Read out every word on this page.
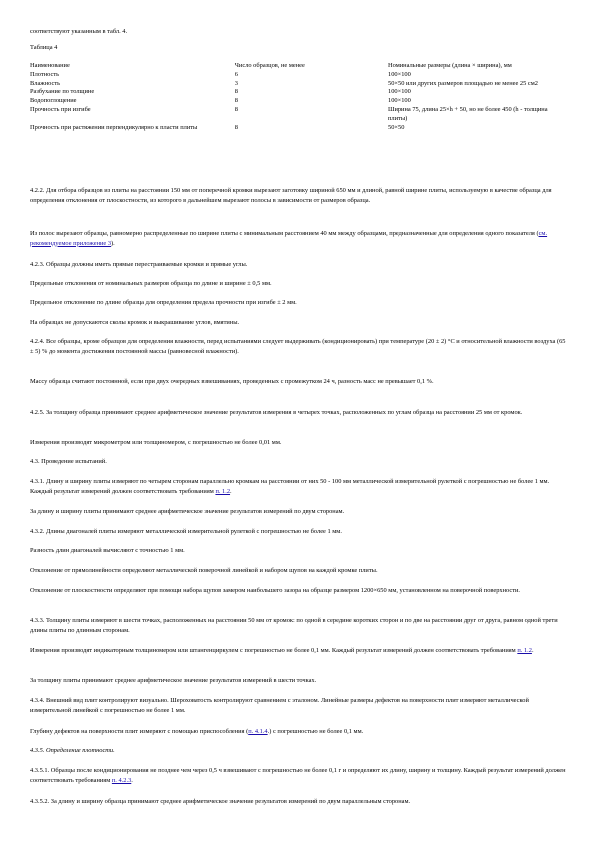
соответствуют указанным в табл. 4.

Таблица 4

Наименование	Число образцов, не менее	Номинальные размеры (длина × ширина), мм
Плотность	6	100×100
Влажность	3	50×50 или других размеров площадью не менее 25 см2
Разбухание по толщине	8	100×100
Водопоглощение	8	100×100
Прочность при изгибе	8	Ширина 75, длина 25×h + 50, но не более 450 (h - толщина плиты)
Прочность при растяжении перпендикулярно к пласти плиты	8	50×50

4.2.2. Для отбора образцов из плиты на расстоянии 150 мм от поперечной кромки вырезают заготовку шириной 650 мм и длиной, равной ширине плиты, используемую в качестве образца для определения отклонения от плоскостности, из которого в дальнейшем вырезают полосы в зависимости от размеров образца.

Из полос вырезают образцы, равномерно распределенные по ширине плиты с минимальным расстоянием 40 мм между образцами, предназначенные для определения одного показателя (см. рекомендуемое приложение 3).

4.2.3. Образцы должны иметь прямые перестраиваемые кромки и прямые углы.

Предельные отклонения от номинальных размеров образца по длине и ширине ± 0,5 мм.

Предельное отклонение по длине образца для определения предела прочности при изгибе ± 2 мм.

На образцах не допускаются сколы кромок и выкрашивание углов, вмятины.

4.2.4. Все образцы, кроме образцов для определения влажности, перед испытаниями следует выдерживать (кондиционировать) при температуре (20 ± 2) °С и относительной влажности воздуха (65 ± 5) % до момента достижения постоянной массы (равновесной влажности).

Массу образца считают постоянной, если при двух очередных взвешиваниях, проведенных с промежутком 24 ч, разность масс не превышает 0,1 %.

4.2.5. За толщину образца принимают среднее арифметическое значение результатов измерения в четырех точках, расположенных по углам образца на расстоянии 25 мм от кромок.

Измерения производят микрометром или толщиномером, с погрешностью не более 0,01 мм.

4.3. Проведение испытаний.

4.3.1. Длину и ширину плиты измеряют по четырем сторонам параллельно кромкам на расстоянии от них 50 - 100 мм металлической измерительной рулеткой с погрешностью не более 1 мм. Каждый результат измерений должен соответствовать требованиям п. 1.2.

За длину и ширину плиты принимают среднее арифметическое значение результатов измерений по двум сторонам.

4.3.2. Длины диагоналей плиты измеряют металлической измерительной рулеткой с погрешностью не более 1 мм.

Разность длин диагоналей вычисляют с точностью 1 мм.

Отклонение от прямолинейности определяют металлической поверочной линейкой и набором щупов на каждой кромке плиты.

Отклонение от плоскостности определяют при помощи набора щупов замером наибольшего зазора на образце размером 1200×650 мм, установленном на поверочной поверхности.

4.3.3. Толщину плиты измеряют в шести точках, расположенных на расстоянии 50 мм от кромок: по одной в середине коротких сторон и по две на расстоянии друг от друга, равном одной трети длины плиты по длинным сторонам.

Измерения производят индикаторным толщиномером или штангенциркулем с погрешностью не более 0,1 мм. Каждый результат измерений должен соответствовать требованиям п. 1.2.

За толщину плиты принимают среднее арифметическое значение результатов измерений в шести точках.

4.3.4. Внешний вид плит контролируют визуально. Шероховатость контролируют сравнением с эталоном. Линейные размеры дефектов на поверхности плит измеряют металлической измерительной линейкой с погрешностью не более 1 мм.

Глубину дефектов на поверхности плит измеряют с помощью приспособления (п. 4.1.4.) с погрешностью не более 0,1 мм.

4.3.5. Определение плотности.

4.3.5.1. Образцы после кондиционирования не позднее чем через 0,5 ч взвешивают с погрешностью не более 0,1 г и определяют их длину, ширину и толщину. Каждый результат измерений должен соответствовать требованиям п. 4.2.3.

4.3.5.2. За длину и ширину образца принимают среднее арифметическое значение результатов измерений по двум параллельным сторонам.
